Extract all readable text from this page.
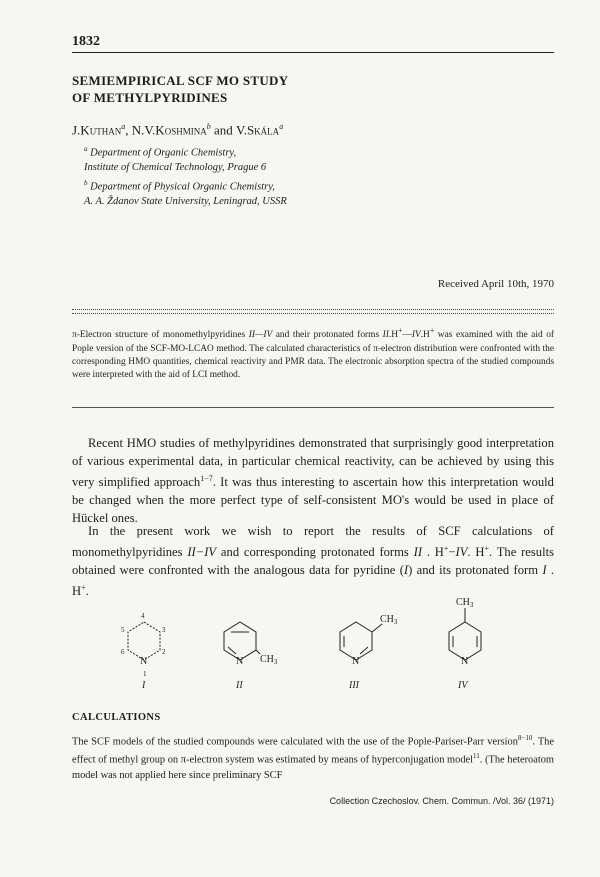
1832
SEMIEMPIRICAL SCF MO STUDY
OF METHYLPYRIDINES

J.Kuthan$^a$, N.V.Koshmina$^b$ and V.Skála$^a$

$^a$ Department of Organic Chemistry,
Institute of Chemical Technology, Prague 6
$^b$ Department of Physical Organic Chemistry,
A. A. Ždanov State University, Leningrad, USSR
Received April 10th, 1970

π-Electron structure of monomethylpyridines II—IV and their protonated forms II.H+—IV.H+ was examined with the aid of Pople version of the SCF-MO-LCAO method. The calculated characteristics of π-electron distribution were confronted with the corresponding HMO quantities, chemical reactivity and PMR data. The electronic absorption spectra of the studied compounds were interpreted with the aid of LCI method.

Recent HMO studies of methylpyridines demonstrated that surprisingly good interpretation of various experimental data, in particular chemical reactivity, can be achieved by using this very simplified approach$^{1-7}$. It was thus interesting to ascertain how this interpretation would be changed when the more perfect type of self-consistent MO's would be used in place of Hückel ones.

In the present work we wish to report the results of SCF calculations of monomethylpyridines II−IV and corresponding protonated forms II . H+−IV. H+. The results obtained were confronted with the analogous data for pyridine (I) and its protonated form I . H+.

4
3
2
6
5
1
N	N	N	N
$CH_3$
$CH_3$
$CH_3$
I	II	III	IV
CALCULATIONS

The SCF models of the studied compounds were calculated with the use of the Pople-Pariser-Parr version$^{8-10}$. The effect of methyl group on π-electron system was estimated by means of hyperconjugation model$^{11}$. (The heteroatom model was not applied here since preliminary SCF

Collection Czechoslov. Chem. Commun. /Vol. 36/ (1971)
